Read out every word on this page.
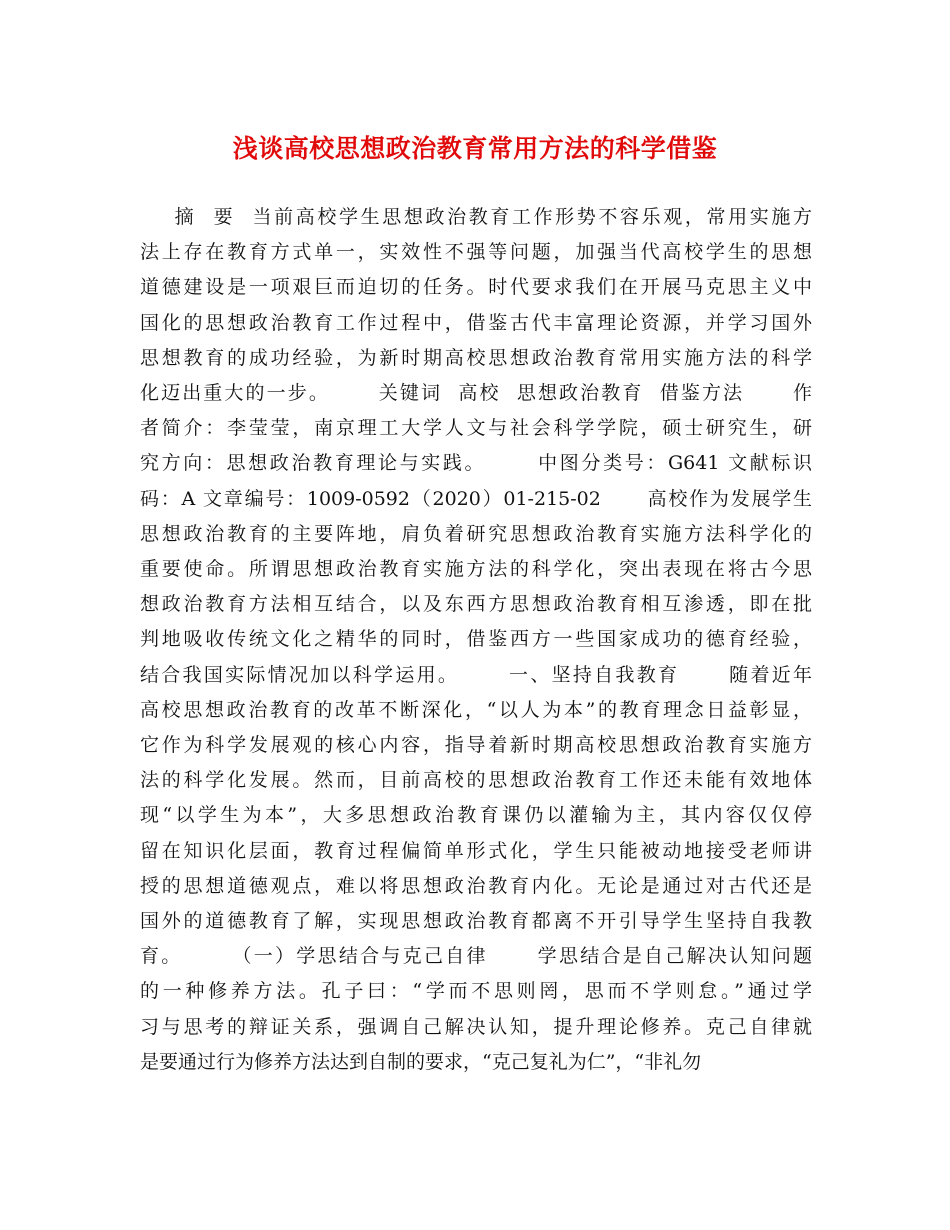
浅谈高校思想政治教育常用方法的科学借鉴
摘  要  当前高校学生思想政治教育工作形势不容乐观，常用实施方
法上存在教育方式单一，实效性不强等问题，加强当代高校学生的思想
道德建设是一项艰巨而迫切的任务。时代要求我们在开展马克思主义中
国化的思想政治教育工作过程中，借鉴古代丰富理论资源，并学习国外
思想教育的成功经验，为新时期高校思想政治教育常用实施方法的科学
化迈出重大的一步。      关键词  高校  思想政治教育  借鉴方法      作
者简介：李莹莹，南京理工大学人文与社会科学学院，硕士研究生，研
究方向：思想政治教育理论与实践。      中图分类号：G641 文献标识
码：A 文章编号：1009-0592（2020）01-215-02      高校作为发展学生
思想政治教育的主要阵地，肩负着研究思想政治教育实施方法科学化的
重要使命。所谓思想政治教育实施方法的科学化，突出表现在将古今思
想政治教育方法相互结合，以及东西方思想政治教育相互渗透，即在批
判地吸收传统文化之精华的同时，借鉴西方一些国家成功的德育经验，
结合我国实际情况加以科学运用。      一、坚持自我教育      随着近年
高校思想政治教育的改革不断深化，“以人为本”的教育理念日益彰显，
它作为科学发展观的核心内容，指导着新时期高校思想政治教育实施方
法的科学化发展。然而，目前高校的思想政治教育工作还未能有效地体
现“以学生为本”，大多思想政治教育课仍以灌输为主，其内容仅仅停
留在知识化层面，教育过程偏简单形式化，学生只能被动地接受老师讲
授的思想道德观点，难以将思想政治教育内化。无论是通过对古代还是
国外的道德教育了解，实现思想政治教育都离不开引导学生坚持自我教
育。      （一）学思结合与克己自律      学思结合是自己解决认知问题
的一种修养方法。孔子曰：“学而不思则罔，思而不学则怠。”通过学
习与思考的辩证关系，强调自己解决认知，提升理论修养。克己自律就
是要通过行为修养方法达到自制的要求，“克己复礼为仁”，“非礼勿
